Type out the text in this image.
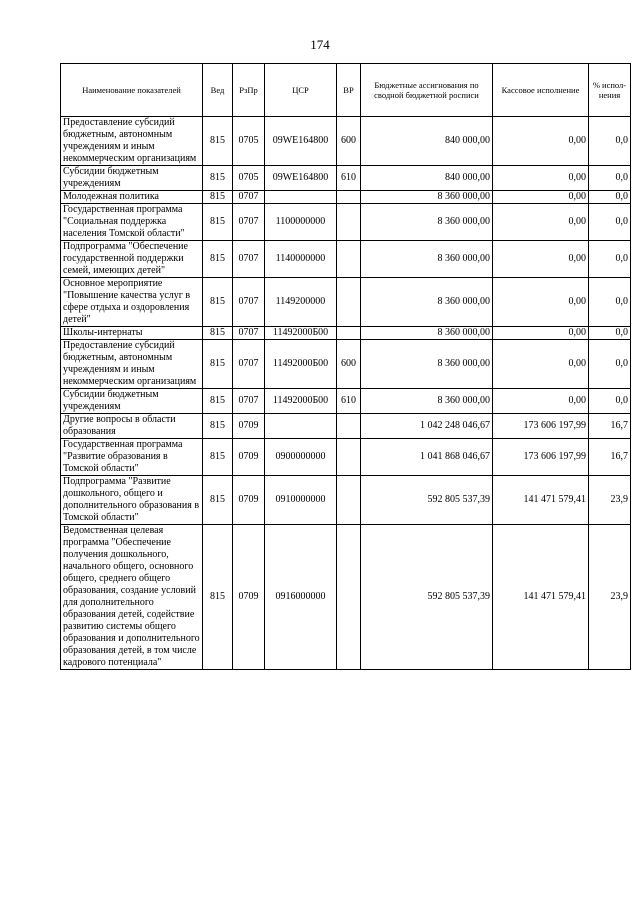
174
Наименование показателей	Вед	РзПр	ЦСР	ВР	Бюджетные ассигнования по сводной бюджетной росписи	Кассовое исполнение	% испол-нения
Предоставление субсидий бюджетным, автономным учреждениям и иным некоммерческим организациям	815	0705	09WE164800	600	840 000,00	0,00	0,0
Субсидии бюджетным учреждениям	815	0705	09WE164800	610	840 000,00	0,00	0,0
Молодежная политика	815	0707			8 360 000,00	0,00	0,0
Государственная программа "Социальная поддержка населения Томской области"	815	0707	1100000000		8 360 000,00	0,00	0,0
Подпрограмма "Обеспечение государственной поддержки семей, имеющих детей"	815	0707	1140000000		8 360 000,00	0,00	0,0
Основное мероприятие "Повышение качества услуг в сфере отдыха и оздоровления детей"	815	0707	1149200000		8 360 000,00	0,00	0,0
Школы-интернаты	815	0707	11492000Б00		8 360 000,00	0,00	0,0
Предоставление субсидий бюджетным, автономным учреждениям и иным некоммерческим организациям	815	0707	11492000Б00	600	8 360 000,00	0,00	0,0
Субсидии бюджетным учреждениям	815	0707	11492000Б00	610	8 360 000,00	0,00	0,0
Другие вопросы в области образования	815	0709			1 042 248 046,67	173 606 197,99	16,7
Государственная программа "Развитие образования в Томской области"	815	0709	0900000000		1 041 868 046,67	173 606 197,99	16,7
Подпрограмма "Развитие дошкольного, общего и дополнительного образования в Томской области"	815	0709	0910000000		592 805 537,39	141 471 579,41	23,9
Ведомственная целевая программа "Обеспечение получения дошкольного, начального общего, основного общего, среднего общего образования, создание условий для дополнительного образования детей, содействие развитию системы общего образования и дополнительного образования детей, в том числе кадрового потенциала"	815	0709	0916000000		592 805 537,39	141 471 579,41	23,9
